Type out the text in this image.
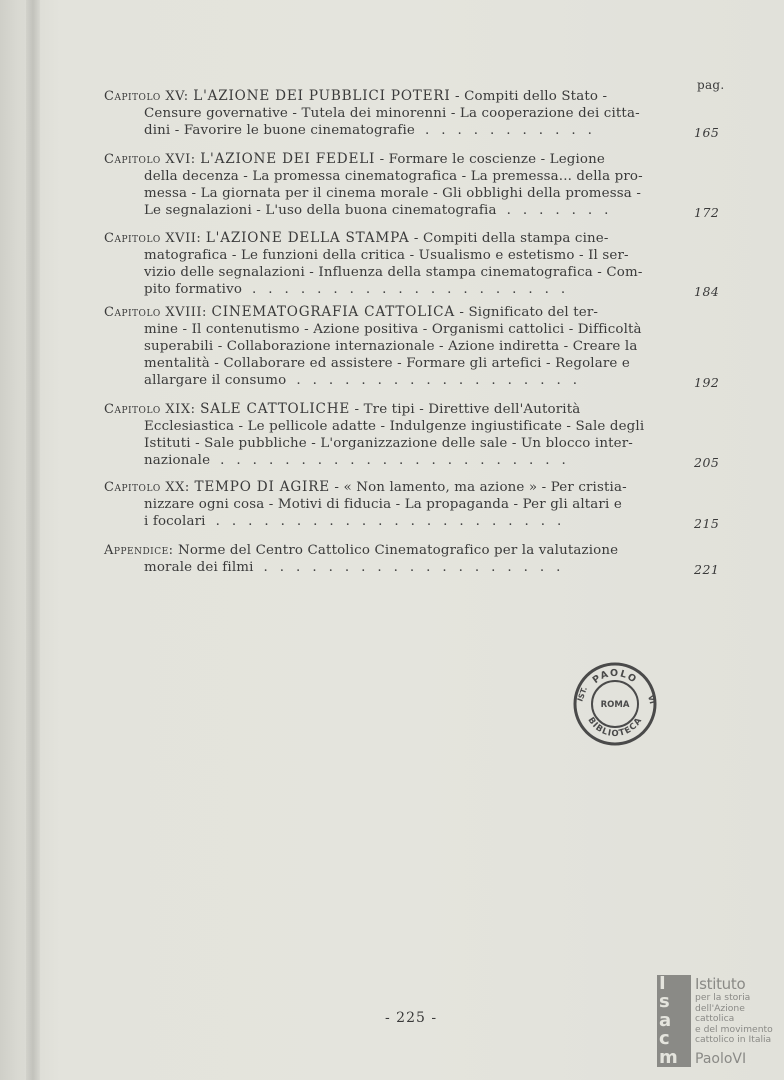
pag.
Capitolo XV: L'AZIONE DEI PUBBLICI POTERI - Compiti dello Stato -
Censure governative - Tutela dei minorenni - La cooperazione dei citta-
dini - Favorire le buone cinematografie ...........	165
Capitolo XVI: L'AZIONE DEI FEDELI - Formare le coscienze - Legione
della decenza - La promessa cinematografica - La premessa... della pro-
messa - La giornata per il cinema morale - Gli obblighi della promessa -
Le segnalazioni - L'uso della buona cinematografia .......	172
Capitolo XVII: L'AZIONE DELLA STAMPA - Compiti della stampa cine-
matografica - Le funzioni della critica - Usualismo e estetismo - Il ser-
vizio delle segnalazioni - Influenza della stampa cinematografica - Com-
pito formativo ....................	184
Capitolo XVIII: CINEMATOGRAFIA CATTOLICA - Significato del ter-
mine - Il contenutismo - Azione positiva - Organismi cattolici - Difficoltà
superabili - Collaborazione internazionale - Azione indiretta - Creare la
mentalità - Collaborare ed assistere - Formare gli artefici - Regolare e
allargare il consumo ..................	192
Capitolo XIX: SALE CATTOLICHE - Tre tipi - Direttive dell'Autorità
Ecclesiastica - Le pellicole adatte - Indulgenze ingiustificate - Sale degli
Istituti - Sale pubbliche - L'organizzazione delle sale - Un blocco inter-
nazionale ......................	205
Capitolo XX: TEMPO DI AGIRE - « Non lamento, ma azione » - Per cristia-
nizzare ogni cosa - Motivi di fiducia - La propaganda - Per gli altari e
i focolari ......................	215
Appendice: Norme del Centro Cattolico Cinematografico per la valutazione
morale dei filmi ...................	221
PAOLO
BIBLIOTECA
IST.	VI
ROMA
- 225 -
I
s
a
c
m
Istituto
per la storia
dell'Azione cattolica
e del movimento
cattolico in Italia
PaoloVI
